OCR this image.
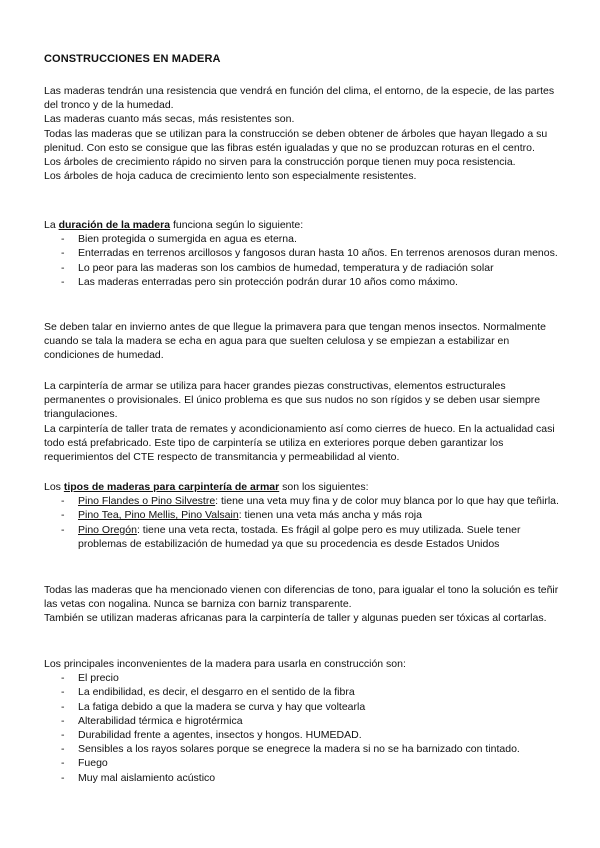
CONSTRUCCIONES EN MADERA

Las maderas tendrán una resistencia que vendrá en función del clima, el entorno, de la especie, de las partes del tronco y de la humedad.

Las maderas cuanto más secas, más resistentes son.

Todas las maderas que se utilizan para la construcción se deben obtener de árboles que hayan llegado a su plenitud. Con esto se consigue que las fibras estén igualadas y que no se produzcan roturas en el centro.

Los árboles de crecimiento rápido no sirven para la construcción porque tienen muy poca resistencia.

Los árboles de hoja caduca de crecimiento lento son especialmente resistentes.

La duración de la madera funciona según lo siguiente:

- Bien protegida o sumergida en agua es eterna.
- Enterradas en terrenos arcillosos y fangosos duran hasta 10 años. En terrenos arenosos duran menos.
- Lo peor para las maderas son los cambios de humedad, temperatura y de radiación solar
- Las maderas enterradas pero sin protección podrán durar 10 años como máximo.

Se deben talar en invierno antes de que llegue la primavera para que tengan menos insectos. Normalmente cuando se tala la madera se echa en agua para que suelten celulosa y se empiezan a estabilizar en condiciones de humedad.

La carpintería de armar se utiliza para hacer grandes piezas constructivas, elementos estructurales permanentes o provisionales. El único problema es que sus nudos no son rígidos y se deben usar siempre triangulaciones.

La carpintería de taller trata de remates y acondicionamiento así como cierres de hueco. En la actualidad casi todo está prefabricado. Este tipo de carpintería se utiliza en exteriores porque deben garantizar los requerimientos del CTE respecto de transmitancia y permeabilidad al viento.

Los tipos de maderas para carpintería de armar son los siguientes:

- Pino Flandes o Pino Silvestre: tiene una veta muy fina y de color muy blanca por lo que hay que teñirla.
- Pino Tea, Pino Mellis, Pino Valsain: tienen una veta más ancha y más roja
- Pino Oregón: tiene una veta recta, tostada. Es frágil al golpe pero es muy utilizada. Suele tener problemas de estabilización de humedad ya que su procedencia es desde Estados Unidos

Todas las maderas que ha mencionado vienen con diferencias de tono, para igualar el tono la solución es teñir las vetas con nogalina. Nunca se barniza con barniz transparente.

También se utilizan maderas africanas para la carpintería de taller y algunas pueden ser tóxicas al cortarlas.

Los principales inconvenientes de la madera para usarla en construcción son:

- El precio
- La endibilidad, es decir, el desgarro en el sentido de la fibra
- La fatiga debido a que la madera se curva y hay que voltearla
- Alterabilidad térmica e higrotérmica
- Durabilidad frente a agentes, insectos y hongos. HUMEDAD.
- Sensibles a los rayos solares porque se enegrece la madera si no se ha barnizado con tintado.
- Fuego
- Muy mal aislamiento acústico
